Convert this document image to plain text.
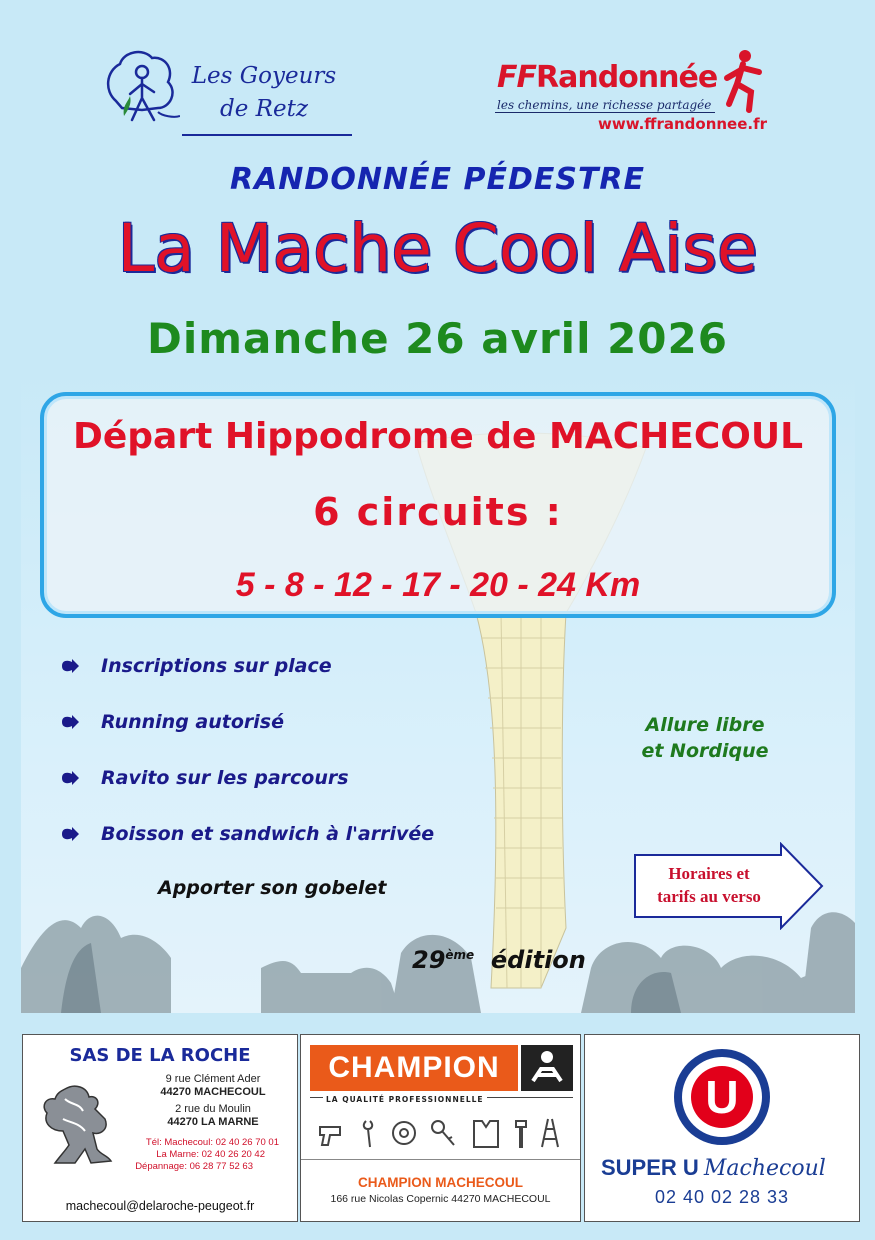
Les Goyeurs
de Retz
FFRandonnée
les chemins, une richesse partagée
www.ffrandonnee.fr
RANDONNÉE PÉDESTRE
La Mache Cool Aise
Dimanche 26 avril 2026
Départ Hippodrome de MACHECOUL
6 circuits :
5 - 8 - 12 - 17 - 20 - 24 Km
Inscriptions sur place
Running autorisé
Ravito sur les parcours
Boisson et sandwich à l'arrivée
Apporter son gobelet
Allure libre
et Nordique
Horaires et
tarifs au verso
29ème édition
SAS DE LA ROCHE
9 rue Clément Ader
44270 MACHECOUL
2 rue du Moulin
44270 LA MARNE
Tél: Machecoul: 02 40 26 70 01
La Marne: 02 40 26 20 42
Dépannage: 06 28 77 52 63
machecoul@delaroche-peugeot.fr
CHAMPION
LA QUALITÉ PROFESSIONNELLE
CHAMPION MACHECOUL
166 rue Nicolas Copernic 44270 MACHECOUL
U
SUPER U Machecoul
02 40 02 28 33
